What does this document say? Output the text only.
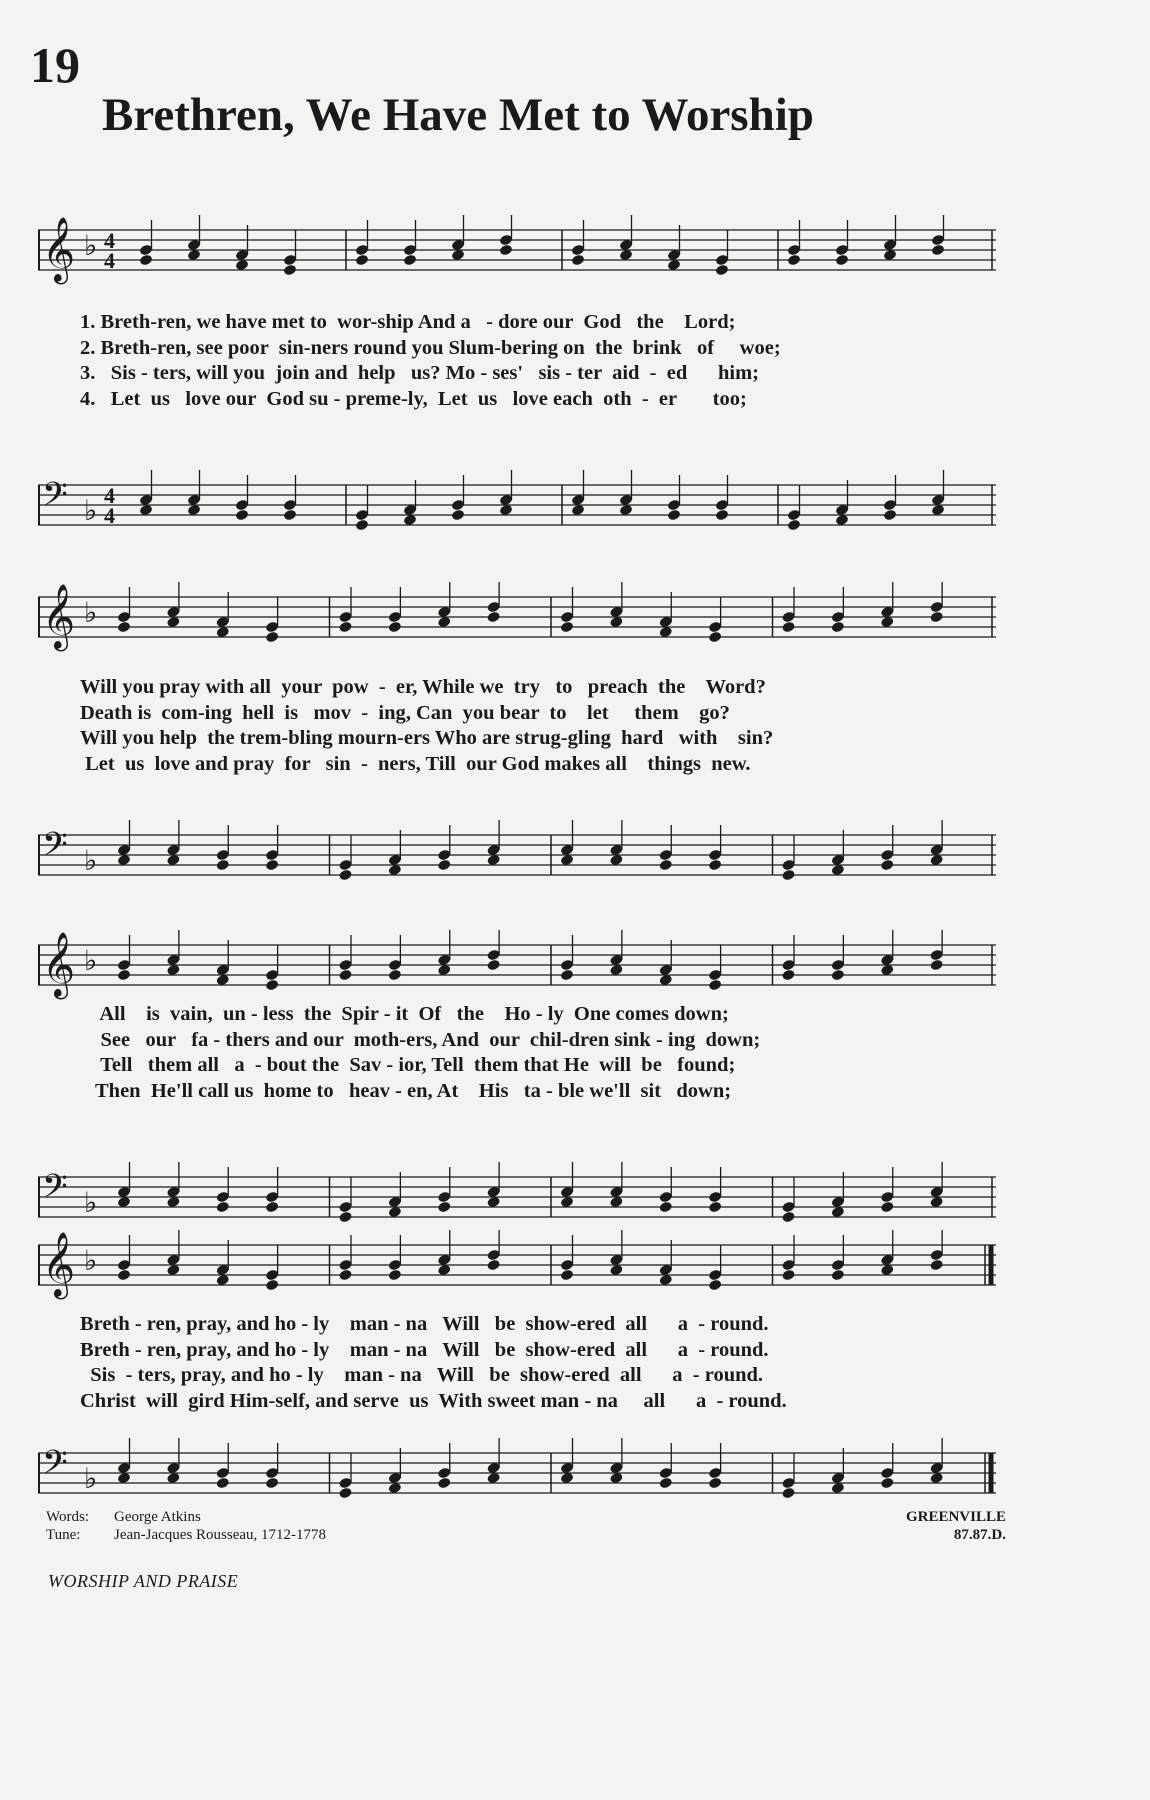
19
Brethren, We Have Met to Worship
𝄞 ♭ 4
4
𝄢 ♭ 4
4
1. Breth-ren, we have met to  wor-ship And a   - dore our  God   the    Lord;
2. Breth-ren, see poor  sin-ners round you Slum-bering on  the  brink   of     woe;
3.   Sis - ters, will you  join and  help   us? Mo - ses'   sis - ter  aid  -  ed      him;
4.   Let  us   love our  God su - preme-ly,  Let  us   love each  oth  -  er       too;
𝄞 ♭
𝄢 ♭
Will you pray with all  your  pow  -  er, While we  try   to   preach  the    Word?
Death is  com-ing  hell  is   mov  -  ing, Can  you bear  to    let     them    go?
Will you help  the trem-bling mourn-ers Who are strug-gling  hard   with    sin?
Let  us  love and pray  for   sin  -  ners, Till  our God makes all    things  new.
𝄞 ♭
𝄢 ♭
All    is  vain,  un - less  the  Spir - it  Of   the    Ho - ly  One comes down;
See   our   fa - thers and our  moth-ers, And  our  chil-dren sink - ing  down;
Tell   them all   a  - bout the  Sav - ior, Tell  them that He  will  be   found;
Then  He'll call us  home to   heav - en, At    His   ta - ble we'll  sit   down;
𝄞 ♭
𝄢 ♭
Breth - ren, pray, and ho - ly    man - na   Will   be  show-ered  all      a  - round.
Breth - ren, pray, and ho - ly    man - na   Will   be  show-ered  all      a  - round.
Sis  - ters, pray, and ho - ly    man - na   Will   be  show-ered  all      a  - round.
Christ  will  gird Him-self, and serve  us  With sweet man - na     all      a  - round.
Words: George Atkins
Tune: Jean-Jacques Rousseau, 1712-1778
GREENVILLE
87.87.D.
WORSHIP AND PRAISE
